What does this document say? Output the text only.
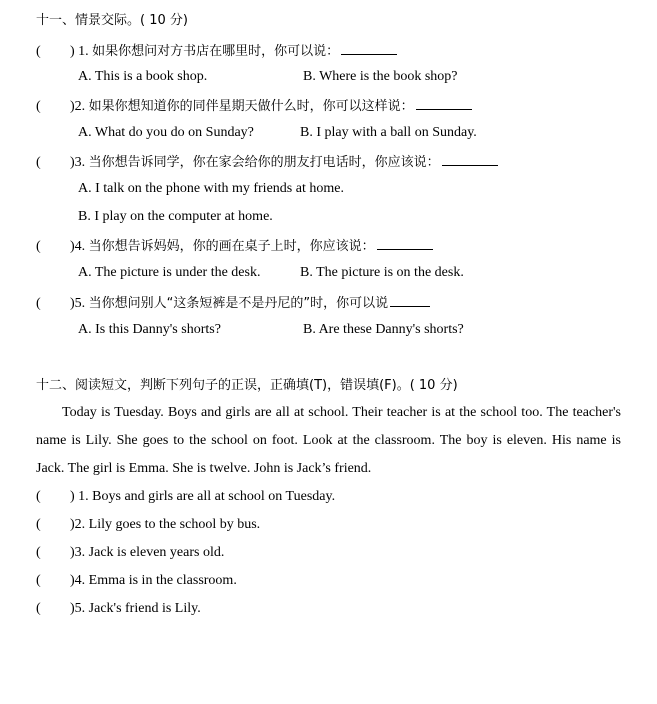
十一、情景交际。( 10 分)
( ) 1. 如果你想问对方书店在哪里时，你可以说：
A. This is a book shop.	B. Where is the book shop?
( )2. 如果你想知道你的同伴星期天做什么时，你可以这样说：
A. What do you do on Sunday?	B. I play with a ball on Sunday.
( )3. 当你想告诉同学，你在家会给你的朋友打电话时，你应该说：
A. I talk on the phone with my friends at home.
B. I play on the computer at home.
( )4. 当你想告诉妈妈，你的画在桌子上时，你应该说：
A. The picture is under the desk.	B. The picture is on the desk.
( )5. 当你想问别人“这条短裤是不是丹尼的”时，你可以说
A. Is this Danny's shorts?	B. Are these Danny's shorts?
十二、阅读短文，判断下列句子的正误，正确填(T)，错误填(F)。( 10 分)
Today is Tuesday. Boys and girls are all at school. Their teacher is at the school too. The teacher's name is Lily. She goes to the school on foot. Look at the classroom. The boy is eleven. His name is Jack. The girl is Emma. She is twelve. John is Jack’s friend.
( ) 1. Boys and girls are all at school on Tuesday.
( )2. Lily goes to the school by bus.
( )3. Jack is eleven years old.
( )4. Emma is in the classroom.
( )5. Jack's friend is Lily.
